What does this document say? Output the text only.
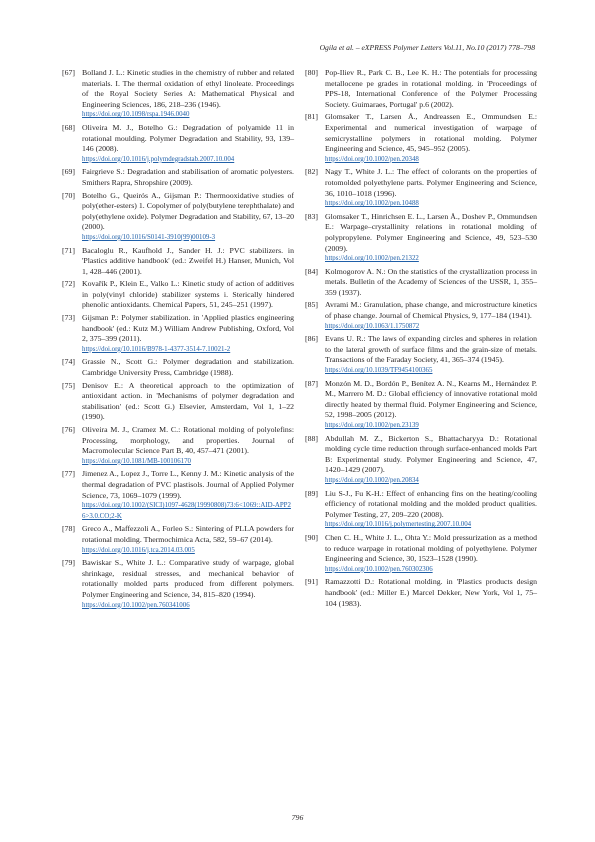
Ogila et al. – eXPRESS Polymer Letters Vol.11, No.10 (2017) 778–798
[67] Bolland J. L.: Kinetic studies in the chemistry of rubber and related materials. I. The thermal oxidation of ethyl linoleate. Proceedings of the Royal Society Series A: Mathematical Physical and Engineering Sciences, 186, 218–236 (1946).
https://doi.org/10.1098/rspa.1946.0040
[68] Oliveira M. J., Botelho G.: Degradation of polyamide 11 in rotational moulding. Polymer Degradation and Stability, 93, 139–146 (2008).
https://doi.org/10.1016/j.polymdegradstab.2007.10.004
[69] Fairgrieve S.: Degradation and stabilisation of aromatic polyesters. Smithers Rapra, Shropshire (2009).
[70] Botelho G., Queirós A., Gijsman P.: Thermooxidative studies of poly(ether-esters) 1. Copolymer of poly(butylene terephthalate) and poly(ethylene oxide). Polymer Degradation and Stability, 67, 13–20 (2000).
https://doi.org/10.1016/S0141-3910(99)00109-3
[71] Bacaloglu R., Kaufhold J., Sander H. J.: PVC stabilizers. in 'Plastics additive handbook' (ed.: Zweifel H.) Hanser, Munich, Vol 1, 428–446 (2001).
[72] Kovařík P., Klein E., Valko L.: Kinetic study of action of additives in poly(vinyl chloride) stabilizer systems i. Sterically hindered phenolic antioxidants. Chemical Papers, 51, 245–251 (1997).
[73] Gijsman P.: Polymer stabilization. in 'Applied plastics engineering handbook' (ed.: Kutz M.) William Andrew Publishing, Oxford, Vol 2, 375–399 (2011).
https://doi.org/10.1016/B978-1-4377-3514-7.10021-2
[74] Grassie N., Scott G.: Polymer degradation and stabilization. Cambridge University Press, Cambridge (1988).
[75] Denisov E.: A theoretical approach to the optimization of antioxidant action. in 'Mechanisms of polymer degradation and stabilisation' (ed.: Scott G.) Elsevier, Amsterdam, Vol 1, 1–22 (1990).
[76] Oliveira M. J., Cramez M. C.: Rotational molding of polyolefins: Processing, morphology, and properties. Journal of Macromolecular Science Part B, 40, 457–471 (2001).
https://doi.org/10.1081/MB-100106170
[77] Jimenez A., Lopez J., Torre L., Kenny J. M.: Kinetic analysis of the thermal degradation of PVC plastisols. Journal of Applied Polymer Science, 73, 1069–1079 (1999).
https://doi.org/10.1002/(SICI)1097-4628(19990808)73:6<1069::AID-APP26>3.0.CO;2-K
[78] Greco A., Maffezzoli A., Forleo S.: Sintering of PLLA powders for rotational molding. Thermochimica Acta, 582, 59–67 (2014).
https://doi.org/10.1016/j.tca.2014.03.005
[79] Bawiskar S., White J. L.: Comparative study of warpage, global shrinkage, residual stresses, and mechanical behavior of rotationally molded parts produced from different polymers. Polymer Engineering and Science, 34, 815–820 (1994).
https://doi.org/10.1002/pen.760341006
[80] Pop-Iliev R., Park C. B., Lee K. H.: The potentials for processing metallocene pe grades in rotational molding. in 'Proceedings of PPS-18, International Conference of the Polymer Processing Society. Guimaraes, Portugal' p.6 (2002).
[81] Glomsaker T., Larsen Å., Andreassen E., Ommundsen E.: Experimental and numerical investigation of warpage of semicrystalline polymers in rotational molding. Polymer Engineering and Science, 45, 945–952 (2005).
https://doi.org/10.1002/pen.20348
[82] Nagy T., White J. L.: The effect of colorants on the properties of rotomolded polyethylene parts. Polymer Engineering and Science, 36, 1010–1018 (1996).
https://doi.org/10.1002/pen.10488
[83] Glomsaker T., Hinrichsen E. L., Larsen Å., Doshev P., Ommundsen E.: Warpage–crystallinity relations in rotational molding of polypropylene. Polymer Engineering and Science, 49, 523–530 (2009).
https://doi.org/10.1002/pen.21322
[84] Kolmogorov A. N.: On the statistics of the crystallization process in metals. Bulletin of the Academy of Sciences of the USSR, 1, 355–359 (1937).
[85] Avrami M.: Granulation, phase change, and microstructure kinetics of phase change. Journal of Chemical Physics, 9, 177–184 (1941).
https://doi.org/10.1063/1.1750872
[86] Evans U. R.: The laws of expanding circles and spheres in relation to the lateral growth of surface films and the grain-size of metals. Transactions of the Faraday Society, 41, 365–374 (1945).
https://doi.org/10.1039/TF9454100365
[87] Monzón M. D., Bordón P., Benítez A. N., Kearns M., Hernández P. M., Marrero M. D.: Global efficiency of innovative rotational mold directly heated by thermal fluid. Polymer Engineering and Science, 52, 1998–2005 (2012).
https://doi.org/10.1002/pen.23139
[88] Abdullah M. Z., Bickerton S., Bhattacharyya D.: Rotational molding cycle time reduction through surface-enhanced molds Part B: Experimental study. Polymer Engineering and Science, 47, 1420–1429 (2007).
https://doi.org/10.1002/pen.20834
[89] Liu S-J., Fu K-H.: Effect of enhancing fins on the heating/cooling efficiency of rotational molding and the molded product qualities. Polymer Testing, 27, 209–220 (2008).
https://doi.org/10.1016/j.polymertesting.2007.10.004
[90] Chen C. H., White J. L., Ohta Y.: Mold pressurization as a method to reduce warpage in rotational molding of polyethylene. Polymer Engineering and Science, 30, 1523–1528 (1990).
https://doi.org/10.1002/pen.760302306
[91] Ramazzotti D.: Rotational molding. in 'Plastics products design handbook' (ed.: Miller E.) Marcel Dekker, New York, Vol 1, 75–104 (1983).
796
